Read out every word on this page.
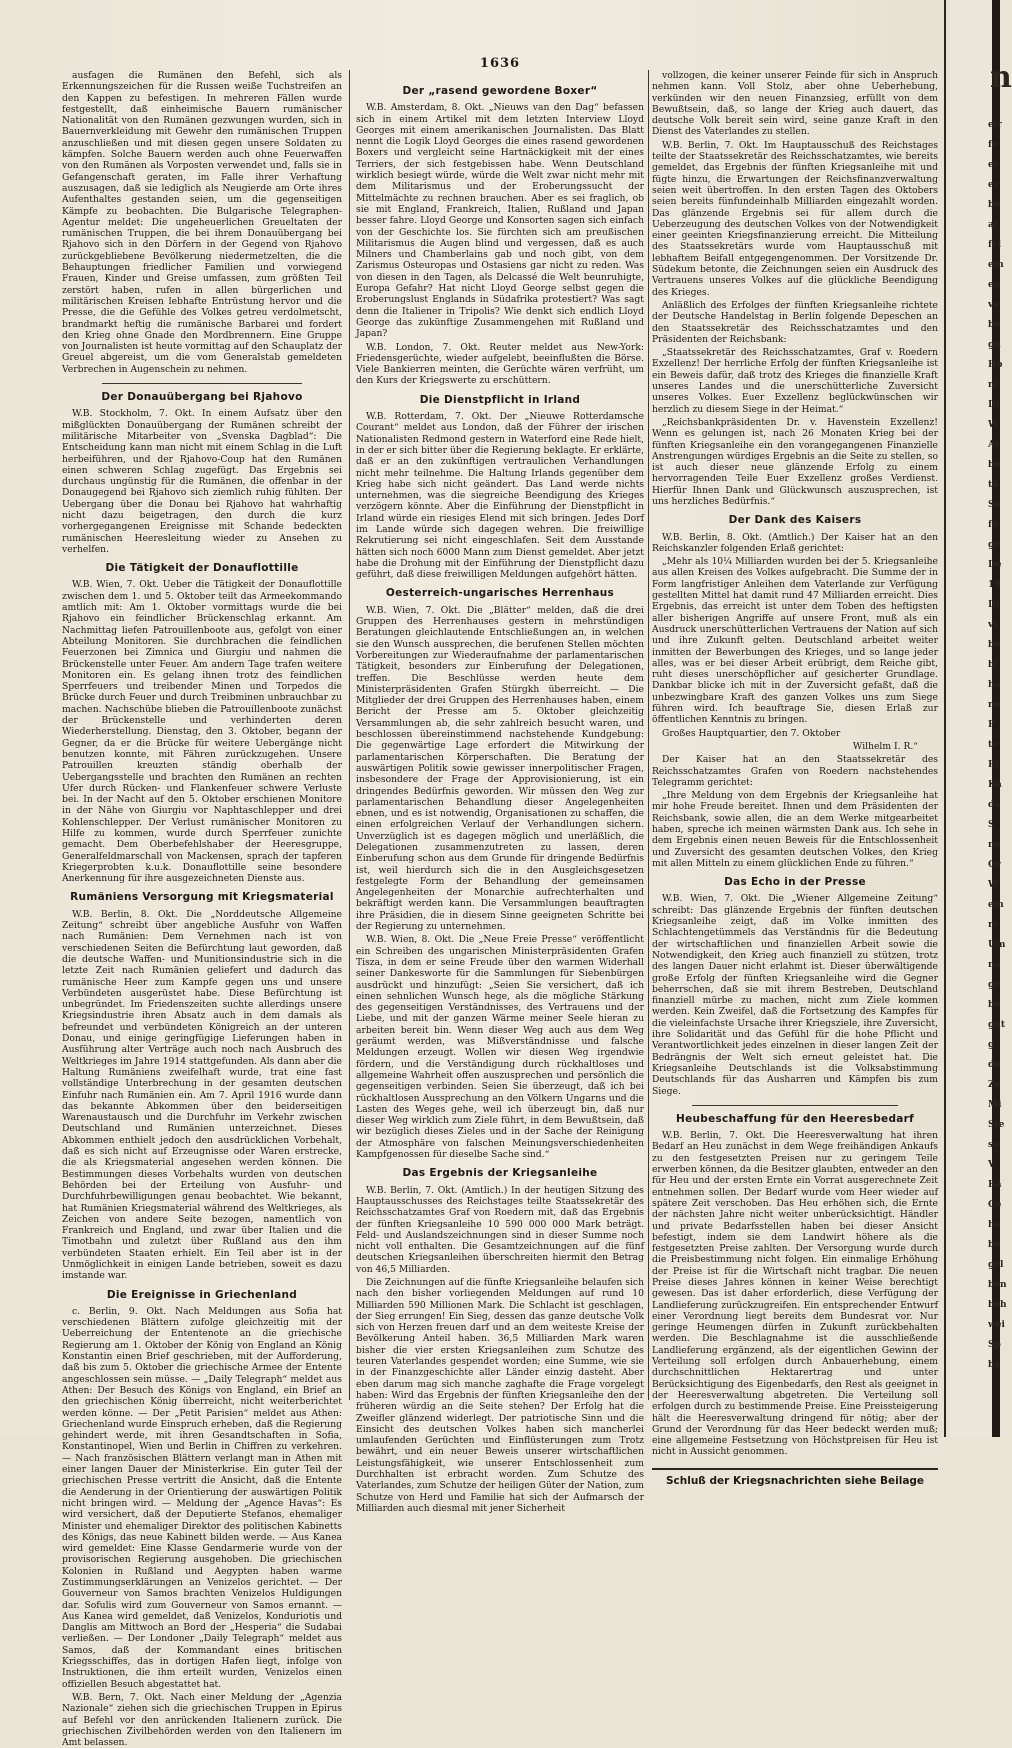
1636

ausfagen die Rumänen den Befehl, sich als Erkennungszeichen für die Russen weiße Tuchstreifen an den Kappen zu befestigen. In mehreren Fällen wurde festgestellt, daß einheimische Bauern rumänischer Nationalität von den Rumänen gezwungen wurden, sich in Bauernverkleidung mit Gewehr den rumänischen Truppen anzuschließen und mit diesen gegen unsere Soldaten zu kämpfen. Solche Bauern werden auch ohne Feuerwaffen von den Rumänen als Vorposten verwendet und, falls sie in Gefangenschaft geraten, im Falle ihrer Verhaftung auszusagen, daß sie lediglich als Neugierde am Orte ihres Aufenthaltes gestanden seien, um die gegenseitigen Kämpfe zu beobachten. Die Bulgarische Telegraphen-Agentur meldet: Die ungeheuerlichen Greueltaten der rumänischen Truppen, die bei ihrem Donauübergang bei Rjahovo sich in den Dörfern in der Gegend von Rjahovo zurückgebliebene Bevölkerung niedermetzelten, die die Behauptungen friedlicher Familien und vorwiegend Frauen, Kinder und Greise umfassen, zum größten Teil zerstört haben, rufen in allen bürgerlichen und militärischen Kreisen lebhafte Entrüstung hervor und die Presse, die die Gefühle des Volkes getreu verdolmetscht, brandmarkt heftig die rumänische Barbarei und fordert den Krieg ohne Gnade den Mordbrennern. Eine Gruppe von Journalisten ist heute vormittag auf den Schauplatz der Greuel abgereist, um die vom Generalstab gemeldeten Verbrechen in Augenschein zu nehmen.

Der Donauübergang bei Rjahovo

W.B. Stockholm, 7. Okt. In einem Aufsatz über den mißglückten Donauübergang der Rumänen schreibt der militärische Mitarbeiter von „Svenska Dagblad“: Die Entscheidung kann man nicht mit einem Schlag in die Luft herbeiführen, und der Rjahovo-Coup hat den Rumänen einen schweren Schlag zugefügt. Das Ergebnis sei durchaus ungünstig für die Rumänen, die offenbar in der Donaugegend bei Rjahovo sich ziemlich ruhig fühlten. Der Uebergang über die Donau bei Rjahovo hat wahrhaftig nicht dazu beigetragen, den durch die kurz vorhergegangenen Ereignisse mit Schande bedeckten rumänischen Heeresleitung wieder zu Ansehen zu verhelfen.

Die Tätigkeit der Donauflottille

W.B. Wien, 7. Okt. Ueber die Tätigkeit der Donauflottille zwischen dem 1. und 5. Oktober teilt das Armeekommando amtlich mit: Am 1. Oktober vormittags wurde die bei Rjahovo ein feindlicher Brückenschlag erkannt. Am Nachmittag liefen Patrouillenboote aus, gefolgt von einer Abteilung Monitoren. Sie durchbrachen die feindlichen Feuerzonen bei Zimnica und Giurgiu und nahmen die Brückenstelle unter Feuer. Am andern Tage trafen weitere Monitoren ein. Es gelang ihnen trotz des feindlichen Sperrfeuers und treibender Minen und Torpedos die Brücke durch Feuer und durch Treibminen unbrauchbar zu machen. Nachschübe blieben die Patrouillenboote zunächst der Brückenstelle und verhinderten deren Wiederherstellung. Dienstag, den 3. Oktober, begann der Gegner, da er die Brücke für weitere Uebergänge nicht benutzen konnte, mit Fähren zurückzugehen. Unsere Patrouillen kreuzten ständig oberhalb der Uebergangsstelle und brachten den Rumänen an rechten Ufer durch Rücken- und Flankenfeuer schwere Verluste bei. In der Nacht auf den 5. Oktober erschienen Monitore in der Nähe von Giurgiu vor Naphtaschlepper und drei Kohlenschlepper. Der Verlust rumänischer Monitoren zu Hilfe zu kommen, wurde durch Sperrfeuer zunichte gemacht. Dem Oberbefehlshaber der Heeresgruppe, Generalfeldmarschall von Mackensen, sprach der tapferen Kriegerprobten k.u.k. Donauflottille seine besondere Anerkennung für ihre ausgezeichneten Dienste aus.

Rumäniens Versorgung mit Kriegsmaterial

W.B. Berlin, 8. Okt. Die „Norddeutsche Allgemeine Zeitung“ schreibt über angebliche Ausfuhr von Waffen nach Rumänien: Dem Vernehmen nach ist von verschiedenen Seiten die Befürchtung laut geworden, daß die deutsche Waffen- und Munitionsindustrie sich in die letzte Zeit nach Rumänien geliefert und dadurch das rumänische Heer zum Kampfe gegen uns und unsere Verbündeten ausgerüstet habe. Diese Befürchtung ist unbegründet. Im Friedenszeiten suchte allerdings unsere Kriegsindustrie ihren Absatz auch in dem damals als befreundet und verbündeten Königreich an der unteren Donau, und einige geringfügige Lieferungen haben in Ausführung alter Verträge auch noch nach Ausbruch des Weltkrieges im Jahre 1914 stattgefunden. Als dann aber die Haltung Rumäniens zweifelhaft wurde, trat eine fast vollständige Unterbrechung in der gesamten deutschen Einfuhr nach Rumänien ein. Am 7. April 1916 wurde dann das bekannte Abkommen über den beiderseitigen Warenaustausch und die Durchfuhr im Verkehr zwischen Deutschland und Rumänien unterzeichnet. Dieses Abkommen enthielt jedoch den ausdrücklichen Vorbehalt, daß es sich nicht auf Erzeugnisse oder Waren erstrecke, die als Kriegsmaterial angesehen werden können. Die Bestimmungen dieses Vorbehalts wurden von deutschen Behörden bei der Erteilung von Ausfuhr- und Durchfuhrbewilligungen genau beobachtet. Wie bekannt, hat Rumänien Kriegsmaterial während des Weltkrieges, als Zeichen von andere Seite bezogen, namentlich von Frankreich und England, und zwar über Italien und die Timotbahn und zuletzt über Rußland aus den ihm verbündeten Staaten erhielt. Ein Teil aber ist in der Unmöglichkeit in einigen Lande betrieben, soweit es dazu imstande war.

Die Ereignisse in Griechenland

c. Berlin, 9. Okt. Nach Meldungen aus Sofia hat verschiedenen Blättern zufolge gleichzeitig mit der Ueberreichung der Ententenote an die griechische Regierung am 1. Oktober der König von England an König Konstantin einen Brief geschrieben, mit der Aufforderung, daß bis zum 5. Oktober die griechische Armee der Entente angeschlossen sein müsse. — „Daily Telegraph“ meldet aus Athen: Der Besuch des Königs von England, ein Brief an den griechischen König überreicht, nicht weiterberichtet werden könne. — Der „Petit Parisien“ meldet aus Athen: Griechenland wurde Einspruch erheben, daß die Regierung gehindert werde, mit ihren Gesandtschaften in Sofia, Konstantinopel, Wien und Berlin in Chiffren zu verkehren. — Nach französischen Blättern verlangt man in Athen mit einer langen Dauer der Ministerkrise. Ein guter Teil der griechischen Presse vertritt die Ansicht, daß die Entente die Aenderung in der Orientierung der auswärtigen Politik nicht bringen wird. — Meldung der „Agence Havas“: Es wird versichert, daß der Deputierte Stefanos, ehemaliger Minister und ehemaliger Direktor des politischen Kabinetts des Königs, das neue Kabinett bilden werde. — Aus Kanea wird gemeldet: Eine Klasse Gendarmerie wurde von der provisorischen Regierung ausgehoben. Die griechischen Kolonien in Rußland und Aegypten haben warme Zustimmungserklärungen an Venizelos gerichtet. — Der Gouverneur von Samos brachten Venizelos Huldigungen dar. Sofulis wird zum Gouverneur von Samos ernannt. — Aus Kanea wird gemeldet, daß Venizelos, Konduriotis und Danglis am Mittwoch an Bord der „Hesperia“ die Sudabai verließen. — Der Londoner „Daily Telegraph“ meldet aus Samos, daß der Kommandant eines britischen Kriegsschiffes, das in dortigen Hafen liegt, infolge von Instruktionen, die ihm erteilt wurden, Venizelos einen offiziellen Besuch abgestattet hat.

W.B. Bern, 7. Okt. Nach einer Meldung der „Agenzia Nazionale“ ziehen sich die griechischen Truppen in Epirus auf Befehl vor den anrückenden Italienern zurück. Die griechischen Zivilbehörden werden von den Italienern im Amt belassen.

Der „rasend gewordene Boxer“

W.B. Amsterdam, 8. Okt. „Nieuws van den Dag“ befassen sich in einem Artikel mit dem letzten Interview Lloyd Georges mit einem amerikanischen Journalisten. Das Blatt nennt die Logik Lloyd Georges die eines rasend gewordenen Boxers und vergleicht seine Hartnäckigkeit mit der eines Terriers, der sich festgebissen habe. Wenn Deutschland wirklich besiegt würde, würde die Welt zwar nicht mehr mit dem Militarismus und der Eroberungssucht der Mittelmächte zu rechnen brauchen. Aber es sei fraglich, ob sie mit England, Frankreich, Italien, Rußland und Japan besser fahre. Lloyd George und Konsorten sagen sich einfach von der Geschichte los. Sie fürchten sich am preußischen Militarismus die Augen blind und vergessen, daß es auch Milners und Chamberlains gab und noch gibt, von dem Zarismus Osteuropas und Ostasiens gar nicht zu reden. Was von diesen in den Tagen, als Delcassé die Welt beunruhigte, Europa Gefahr? Hat nicht Lloyd George selbst gegen die Eroberungslust Englands in Südafrika protestiert? Was sagt denn die Italiener in Tripolis? Wie denkt sich endlich Lloyd George das zukünftige Zusammengehen mit Rußland und Japan?

W.B. London, 7. Okt. Reuter meldet aus New-York: Friedensgerüchte, wieder aufgelebt, beeinflußten die Börse. Viele Bankierren meinten, die Gerüchte wären verfrüht, um den Kurs der Kriegswerte zu erschüttern.

Die Dienstpflicht in Irland

W.B. Rotterdam, 7. Okt. Der „Nieuwe Rotterdamsche Courant“ meldet aus London, daß der Führer der irischen Nationalisten Redmond gestern in Waterford eine Rede hielt, in der er sich bitter über die Regierung beklagte. Er erklärte, daß er an den zukünftigen vertraulichen Verhandlungen nicht mehr teilnehme. Die Haltung Irlands gegenüber dem Krieg habe sich nicht geändert. Das Land werde nichts unternehmen, was die siegreiche Beendigung des Krieges verzögern könnte. Aber die Einführung der Dienstpflicht in Irland würde ein riesiges Elend mit sich bringen. Jedes Dorf im Lande würde sich dagegen wehren. Die freiwillige Rekrutierung sei nicht eingeschlafen. Seit dem Ausstande hätten sich noch 6000 Mann zum Dienst gemeldet. Aber jetzt habe die Drohung mit der Einführung der Dienstpflicht dazu geführt, daß diese freiwilligen Meldungen aufgehört hätten.

Oesterreich-ungarisches Herrenhaus

W.B. Wien, 7. Okt. Die „Blätter“ melden, daß die drei Gruppen des Herrenhauses gestern in mehrstündigen Beratungen gleichlautende Entschließungen an, in welchen sie den Wunsch aussprechen, die berufenen Stellen möchten Vorbereitungen zur Wiederaufnahme der parlamentarischen Tätigkeit, besonders zur Einberufung der Delegationen, treffen. Die Beschlüsse werden heute dem Ministerpräsidenten Grafen Stürgkh überreicht. — Die Mitglieder der drei Gruppen des Herrenhauses haben, einem Bericht der Presse am 5. Oktober gleichzeitig Versammlungen ab, die sehr zahlreich besucht waren, und beschlossen übereinstimmend nachstehende Kundgebung: Die gegenwärtige Lage erfordert die Mitwirkung der parlamentarischen Körperschaften. Die Beratung der auswärtigen Politik sowie gewisser innerpolitischer Fragen, insbesondere der Frage der Approvisionierung, ist ein dringendes Bedürfnis geworden. Wir müssen den Weg zur parlamentarischen Behandlung dieser Angelegenheiten ebnen, und es ist notwendig, Organisationen zu schaffen, die einen erfolgreichen Verlauf der Verhandlungen sichern. Unverzüglich ist es dagegen möglich und unerläßlich, die Delegationen zusammenzutreten zu lassen, deren Einberufung schon aus dem Grunde für dringende Bedürfnis ist, weil hierdurch sich die in den Ausgleichsgesetzen festgelegte Form der Behandlung der gemeinsamen Angelegenheiten der Monarchie aufrechterhalten und bekräftigt werden kann. Die Versammlungen beauftragten ihre Präsidien, die in diesem Sinne geeigneten Schritte bei der Regierung zu unternehmen.

W.B. Wien, 8. Okt. Die „Neue Freie Presse“ veröffentlicht ein Schreiben des ungarischen Ministerpräsidenten Grafen Tisza, in dem er seine Freude über den warmen Widerhall seiner Dankesworte für die Sammlungen für Siebenbürgen ausdrückt und hinzufügt: „Seien Sie versichert, daß ich einen sehnlichen Wunsch hege, als die mögliche Stärkung des gegenseitigen Verständnisses, des Vertrauens und der Liebe, und mit der ganzen Wärme meiner Seele hieran zu arbeiten bereit bin. Wenn dieser Weg auch aus dem Weg geräumt werden, was Mißverständnisse und falsche Meldungen erzeugt. Wollen wir diesen Weg irgendwie fördern, und die Verständigung durch rückhaltloses und allgemeine Wahrheit offen auszusprechen und persönlich die gegenseitigen verbinden. Seien Sie überzeugt, daß ich bei rückhaltlosen Aussprechung an den Völkern Ungarns und die Lasten des Weges gehe, weil ich überzeugt bin, daß nur dieser Weg wirklich zum Ziele führt, in dem Bewußtsein, daß wir bezüglich dieses Zieles und in der Sache der Reinigung der Atmosphäre von falschen Meinungsverschiedenheiten Kampfgenossen für dieselbe Sache sind.“

Das Ergebnis der Kriegsanleihe

W.B. Berlin, 7. Okt. (Amtlich.) In der heutigen Sitzung des Hauptausschusses des Reichstages teilte Staatssekretär des Reichsschatzamtes Graf von Roedern mit, daß das Ergebnis der fünften Kriegsanleihe 10 590 000 000 Mark beträgt. Feld- und Auslandszeichnungen sind in dieser Summe noch nicht voll enthalten. Die Gesamtzeichnungen auf die fünf deutschen Kriegsanleihen überschreiten hiermit den Betrag von 46,5 Milliarden.

Die Zeichnungen auf die fünfte Kriegsanleihe belaufen sich nach den bisher vorliegenden Meldungen auf rund 10 Milliarden 590 Millionen Mark. Die Schlacht ist geschlagen, der Sieg errungen! Ein Sieg, dessen das ganze deutsche Volk sich von Herzen freuen darf und an dem weiteste Kreise der Bevölkerung Anteil haben. 36,5 Milliarden Mark waren bisher die vier ersten Kriegsanleihen zum Schutze des teuren Vaterlandes gespendet worden; eine Summe, wie sie in der Finanzgeschichte aller Länder einzig dasteht. Aber eben darum mag sich manche zaghafte die Frage vorgelegt haben: Wird das Ergebnis der fünften Kriegsanleihe den der früheren würdig an die Seite stehen? Der Erfolg hat die Zweifler glänzend widerlegt. Der patriotische Sinn und die Einsicht des deutschen Volkes haben sich mancherlei umlaufenden Gerüchten und Einflüsterungen zum Trotz bewährt, und ein neuer Beweis unserer wirtschaftlichen Leistungsfähigkeit, wie unserer Entschlossenheit zum Durchhalten ist erbracht worden. Zum Schutze des Vaterlandes, zum Schutze der heiligen Güter der Nation, zum Schutze von Herd und Familie hat sich der Aufmarsch der Milliarden auch diesmal mit jener Sicherheit

vollzogen, die keiner unserer Feinde für sich in Anspruch nehmen kann. Voll Stolz, aber ohne Ueberhebung, verkünden wir den neuen Finanzsieg, erfüllt von dem Bewußtsein, daß, so lange der Krieg auch dauert, das deutsche Volk bereit sein wird, seine ganze Kraft in den Dienst des Vaterlandes zu stellen.

W.B. Berlin, 7. Okt. Im Hauptausschuß des Reichstages teilte der Staatssekretär des Reichsschatzamtes, wie bereits gemeldet, das Ergebnis der fünften Kriegsanleihe mit und fügte hinzu, die Erwartungen der Reichsfinanzverwaltung seien weit übertroffen. In den ersten Tagen des Oktobers seien bereits fünfundeinhalb Milliarden eingezahlt worden. Das glänzende Ergebnis sei für allem durch die Ueberzeugung des deutschen Volkes von der Notwendigkeit einer geeinten Kriegsfinanzierung erreicht. Die Mitteilung des Staatssekretärs wurde vom Hauptausschuß mit lebhaftem Beifall entgegengenommen. Der Vorsitzende Dr. Südekum betonte, die Zeichnungen seien ein Ausdruck des Vertrauens unseres Volkes auf die glückliche Beendigung des Krieges.

Anläßlich des Erfolges der fünften Kriegsanleihe richtete der Deutsche Handelstag in Berlin folgende Depeschen an den Staatssekretär des Reichsschatzamtes und den Präsidenten der Reichsbank:

„Staatssekretär des Reichsschatzamtes, Graf v. Roedern Exzellenz! Der herrliche Erfolg der fünften Kriegsanleihe ist ein Beweis dafür, daß trotz des Krieges die finanzielle Kraft unseres Landes und die unerschütterliche Zuversicht unseres Volkes. Euer Exzellenz beglückwünschen wir herzlich zu diesem Siege in der Heimat.“

„Reichsbankpräsidenten Dr. v. Havenstein Exzellenz! Wenn es gelungen ist, nach 26 Monaten Krieg bei der fünften Kriegsanleihe ein den vorangegangenen Finanzielle Anstrengungen würdiges Ergebnis an die Seite zu stellen, so ist auch dieser neue glänzende Erfolg zu einem hervorragenden Teile Euer Exzellenz großes Verdienst. Hierfür Ihnen Dank und Glückwunsch auszusprechen, ist uns herzliches Bedürfnis.“

Der Dank des Kaisers

W.B. Berlin, 8. Okt. (Amtlich.) Der Kaiser hat an den Reichskanzler folgenden Erlaß gerichtet:

„Mehr als 10¼ Milliarden wurden bei der 5. Kriegsanleihe aus allen Kreisen des Volkes aufgebracht. Die Summe der in Form langfristiger Anleihen dem Vaterlande zur Verfügung gestellten Mittel hat damit rund 47 Milliarden erreicht. Dies Ergebnis, das erreicht ist unter dem Toben des heftigsten aller bisherigen Angriffe auf unsere Front, muß als ein Ausdruck unerschütterlichen Vertrauens der Nation auf sich und ihre Zukunft gelten. Deutschland arbeitet weiter inmitten der Bewerbungen des Krieges, und so lange jeder alles, was er bei dieser Arbeit erübrigt, dem Reiche gibt, ruht dieses unerschöpflicher auf gesicherter Grundlage. Dankbar blicke ich mit in der Zuversicht gefaßt, daß die unbezwingbare Kraft des ganzen Volkes uns zum Siege führen wird. Ich beauftrage Sie, diesen Erlaß zur öffentlichen Kenntnis zu bringen.

Großes Hauptquartier, den 7. Oktober

Wilhelm I. R.“

Der Kaiser hat an den Staatssekretär des Reichsschatzamtes Grafen von Roedern nachstehendes Telegramm gerichtet:

„Ihre Meldung von dem Ergebnis der Kriegsanleihe hat mir hohe Freude bereitet. Ihnen und dem Präsidenten der Reichsbank, sowie allen, die an dem Werke mitgearbeitet haben, spreche ich meinen wärmsten Dank aus. Ich sehe in dem Ergebnis einen neuen Beweis für die Entschlossenheit und Zuversicht des gesamten deutschen Volkes, den Krieg mit allen Mitteln zu einem glücklichen Ende zu führen.“

Das Echo in der Presse

W.B. Wien, 7. Okt. Die „Wiener Allgemeine Zeitung“ schreibt: Das glänzende Ergebnis der fünften deutschen Kriegsanleihe zeigt, daß im Volke inmitten des Schlachtengetümmels das Verständnis für die Bedeutung der wirtschaftlichen und finanziellen Arbeit sowie die Notwendigkeit, den Krieg auch finanziell zu stützen, trotz des langen Dauer nicht erlahmt ist. Dieser überwältigende große Erfolg der fünften Kriegsanleihe wird die Gegner beherrschen, daß sie mit ihrem Bestreben, Deutschland finanziell mürbe zu machen, nicht zum Ziele kommen werden. Kein Zweifel, daß die Fortsetzung des Kampfes für die vieleinfachste Ursache ihrer Kriegsziele, ihre Zuversicht, ihre Solidarität und das Gefühl für die hohe Pflicht und Verantwortlichkeit jedes einzelnen in dieser langen Zeit der Bedrängnis der Welt sich erneut geleistet hat. Die Kriegsanleihe Deutschlands ist die Volksabstimmung Deutschlands für das Ausharren und Kämpfen bis zum Siege.

Heubeschaffung für den Heeresbedarf

W.B. Berlin, 7. Okt. Die Heeresverwaltung hat ihren Bedarf an Heu zunächst in dem Wege freihändigen Ankaufs zu den festgesetzten Preisen nur zu geringem Teile erwerben können, da die Besitzer glaubten, entweder an den für Heu und der ersten Ernte ein Vorrat ausgerechnete Zeit entnehmen sollen. Der Bedarf wurde vom Heer wieder auf spätere Zeit verschoben. Das Heu erhöhen sich, die Ernte der nächsten Jahre nicht weiter unberücksichtigt. Händler und private Bedarfsstellen haben bei dieser Ansicht befestigt, indem sie dem Landwirt höhere als die festgesetzten Preise zahlten. Der Versorgung wurde durch die Preisbestimmung nicht folgen. Ein einmalige Erhöhung der Preise ist für die Wirtschaft nicht tragbar. Die neuen Preise dieses Jahres können in keiner Weise berechtigt gewesen. Das ist daher erforderlich, diese Verfügung der Landlieferung zurückzugreifen. Ein entsprechender Entwurf einer Verordnung liegt bereits dem Bundesrat vor. Nur geringe Heumengen dürfen in Zukunft zurückbehalten werden. Die Beschlagnahme ist die ausschließende Landlieferung ergänzend, als der eigentlichen Gewinn der Verteilung soll erfolgen durch Anbauerhebung, einem durchschnittlichen Hektarertrag und unter Berücksichtigung des Eigenbedarfs, den Rest als geeignet in der Heeresverwaltung abgetreten. Die Verteilung soll erfolgen durch zu bestimmende Preise. Eine Preissteigerung hält die Heeresverwaltung dringend für nötig; aber der Grund der Verordnung für das Heer bedeckt werden muß; eine allgemeine Festsetzung von Höchstpreisen für Heu ist nicht in Aussicht genommen.

Schluß der Kriegsnachrichten siehe Beilage
n
eir
fe
ei
er
be
al
fel
ein
en
ve
be
gn
Ho
ni
Di
W
Ar
be
tä
Se
fü
ge
De
19
Di
vi
be
bi
ha
ne
P
te
Ri
Ka
da
S
ne
Or
W
ein
re
Um
na
ge
be
gut
g
de
Ze
Mi
Ste
se
V
Ba
Ge
ha
be
gel
ben
beh
wei
Sp
ba
